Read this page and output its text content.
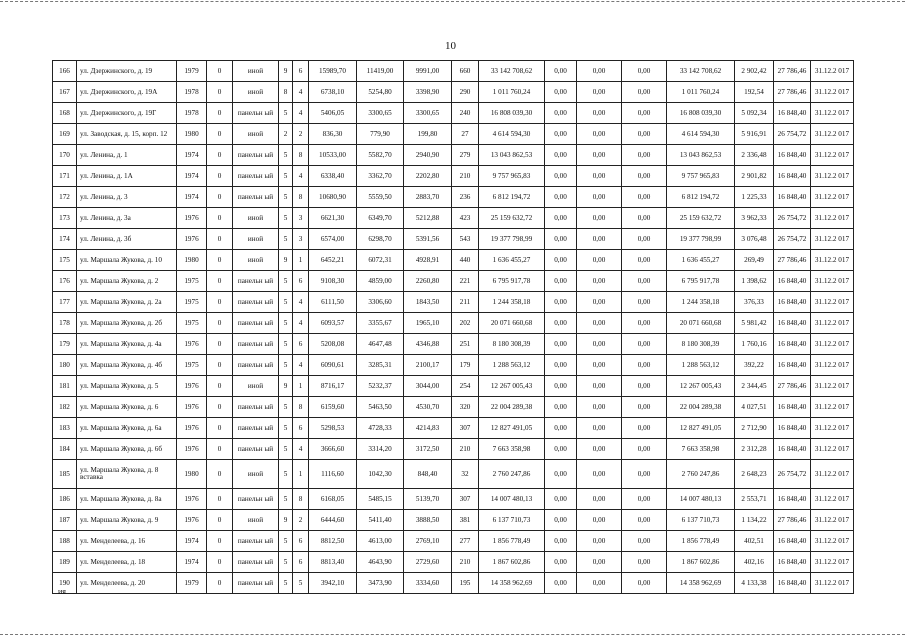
10
166	ул. Дзержинского, д. 19	1979	0	иной	9	6	15989,70	11419,00	9991,00	660	33 142 708,62	0,00	0,00	0,00	33 142 708,62	2 902,42	27 786,46	31.12.2 017
167	ул. Дзержинского, д. 19А	1978	0	иной	8	4	6738,10	5254,80	3398,90	290	1 011 760,24	0,00	0,00	0,00	1 011 760,24	192,54	27 786,46	31.12.2 017
168	ул. Дзержинского, д. 19Г	1978	0	панельн ый	5	4	5406,05	3300,65	3300,65	240	16 808 039,30	0,00	0,00	0,00	16 808 039,30	5 092,34	16 848,40	31.12.2 017
169	ул. Заводская, д. 15, корп. 12	1980	0	иной	2	2	836,30	779,90	199,80	27	4 614 594,30	0,00	0,00	0,00	4 614 594,30	5 916,91	26 754,72	31.12.2 017
170	ул. Ленина, д. 1	1974	0	панельн ый	5	8	10533,00	5582,70	2940,90	279	13 043 862,53	0,00	0,00	0,00	13 043 862,53	2 336,48	16 848,40	31.12.2 017
171	ул. Ленина, д. 1А	1974	0	панельн ый	5	4	6338,40	3362,70	2202,80	210	9 757 965,83	0,00	0,00	0,00	9 757 965,83	2 901,82	16 848,40	31.12.2 017
172	ул. Ленина, д. 3	1974	0	панельн ый	5	8	10680,90	5559,50	2883,70	236	6 812 194,72	0,00	0,00	0,00	6 812 194,72	1 225,33	16 848,40	31.12.2 017
173	ул. Ленина, д. 3а	1976	0	иной	5	3	6621,30	6349,70	5212,88	423	25 159 632,72	0,00	0,00	0,00	25 159 632,72	3 962,33	26 754,72	31.12.2 017
174	ул. Ленина, д. 3б	1976	0	иной	5	3	6574,00	6298,70	5391,56	543	19 377 798,99	0,00	0,00	0,00	19 377 798,99	3 076,48	26 754,72	31.12.2 017
175	ул. Маршала Жукова, д. 10	1980	0	иной	9	1	6452,21	6072,31	4928,91	440	1 636 455,27	0,00	0,00	0,00	1 636 455,27	269,49	27 786,46	31.12.2 017
176	ул. Маршала Жукова, д. 2	1975	0	панельн ый	5	6	9108,30	4859,00	2260,80	221	6 795 917,78	0,00	0,00	0,00	6 795 917,78	1 398,62	16 848,40	31.12.2 017
177	ул. Маршала Жукова, д. 2а	1975	0	панельн ый	5	4	6111,50	3306,60	1843,50	211	1 244 358,18	0,00	0,00	0,00	1 244 358,18	376,33	16 848,40	31.12.2 017
178	ул. Маршала Жукова, д. 2б	1975	0	панельн ый	5	4	6093,57	3355,67	1965,10	202	20 071 660,68	0,00	0,00	0,00	20 071 660,68	5 981,42	16 848,40	31.12.2 017
179	ул. Маршала Жукова, д. 4а	1976	0	панельн ый	5	6	5208,08	4647,48	4346,88	251	8 180 308,39	0,00	0,00	0,00	8 180 308,39	1 760,16	16 848,40	31.12.2 017
180	ул. Маршала Жукова, д. 4б	1975	0	панельн ый	5	4	6090,61	3285,31	2100,17	179	1 288 563,12	0,00	0,00	0,00	1 288 563,12	392,22	16 848,40	31.12.2 017
181	ул. Маршала Жукова, д. 5	1976	0	иной	9	1	8716,17	5232,37	3044,00	254	12 267 005,43	0,00	0,00	0,00	12 267 005,43	2 344,45	27 786,46	31.12.2 017
182	ул. Маршала Жукова, д. 6	1976	0	панельн ый	5	8	6159,60	5463,50	4530,70	320	22 004 289,38	0,00	0,00	0,00	22 004 289,38	4 027,51	16 848,40	31.12.2 017
183	ул. Маршала Жукова, д. 6а	1976	0	панельн ый	5	6	5298,53	4728,33	4214,83	307	12 827 491,05	0,00	0,00	0,00	12 827 491,05	2 712,90	16 848,40	31.12.2 017
184	ул. Маршала Жукова, д. 6б	1976	0	панельн ый	5	4	3666,60	3314,20	3172,50	210	7 663 358,98	0,00	0,00	0,00	7 663 358,98	2 312,28	16 848,40	31.12.2 017
185	ул. Маршала Жукова, д. 8 вставка	1980	0	иной	5	1	1116,60	1042,30	848,40	32	2 760 247,86	0,00	0,00	0,00	2 760 247,86	2 648,23	26 754,72	31.12.2 017
186	ул. Маршала Жукова, д. 8а	1976	0	панельн ый	5	8	6168,05	5485,15	5139,70	307	14 007 480,13	0,00	0,00	0,00	14 007 480,13	2 553,71	16 848,40	31.12.2 017
187	ул. Маршала Жукова, д. 9	1976	0	иной	9	2	6444,60	5411,40	3888,50	381	6 137 710,73	0,00	0,00	0,00	6 137 710,73	1 134,22	27 786,46	31.12.2 017
188	ул. Менделеева, д. 16	1974	0	панельн ый	5	6	8812,50	4613,00	2769,10	277	1 856 778,49	0,00	0,00	0,00	1 856 778,49	402,51	16 848,40	31.12.2 017
189	ул. Менделеева, д. 18	1974	0	панельн ый	5	6	8813,40	4643,90	2729,60	210	1 867 602,86	0,00	0,00	0,00	1 867 602,86	402,16	16 848,40	31.12.2 017
190	ул. Менделеева, д. 20	1979	0	панельн ый	5	5	3942,10	3473,90	3334,60	195	14 358 962,69	0,00	0,00	0,00	14 358 962,69	4 133,38	16 848,40	31.12.2 017
ия
